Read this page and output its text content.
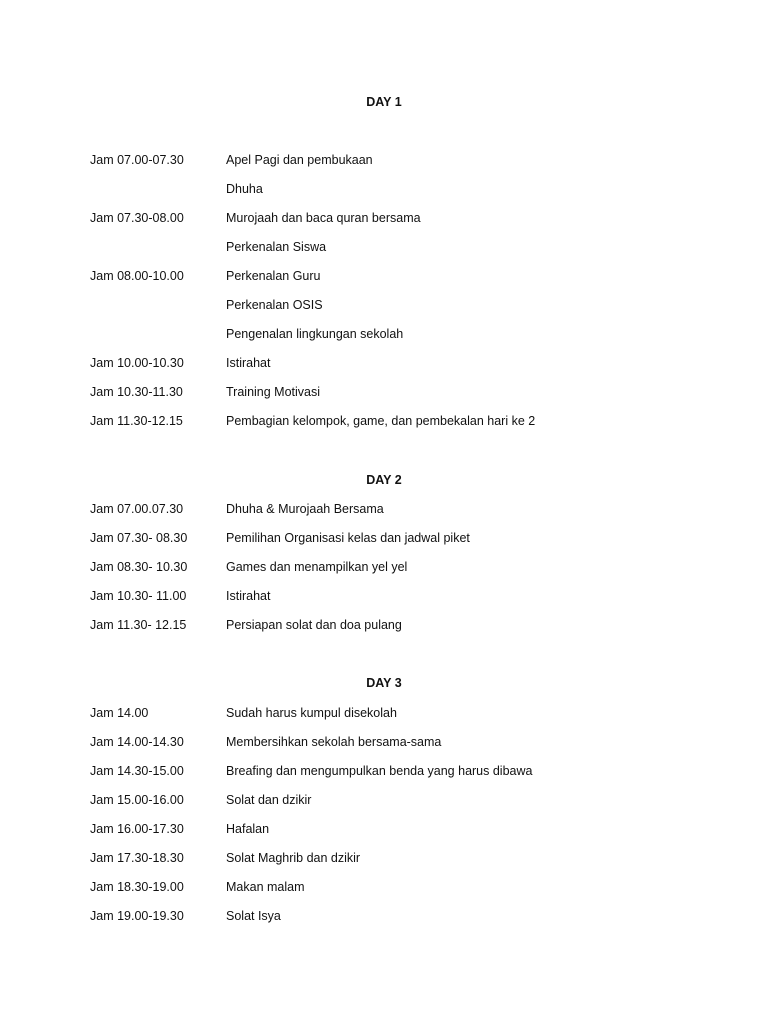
DAY 1
Jam 07.00-07.30	Apel Pagi dan pembukaan
Dhuha
Jam 07.30-08.00	Murojaah dan baca quran bersama
Perkenalan Siswa
Jam 08.00-10.00	Perkenalan Guru
Perkenalan OSIS
Pengenalan lingkungan sekolah
Jam 10.00-10.30	Istirahat
Jam 10.30-11.30	Training Motivasi
Jam 11.30-12.15	Pembagian kelompok, game, dan pembekalan hari ke 2
DAY 2
Jam 07.00.07.30	Dhuha & Murojaah Bersama
Jam 07.30- 08.30	Pemilihan Organisasi kelas dan jadwal piket
Jam 08.30- 10.30	Games dan menampilkan yel yel
Jam 10.30- 11.00	Istirahat
Jam 11.30- 12.15	Persiapan solat dan doa pulang
DAY 3
Jam 14.00	Sudah harus kumpul disekolah
Jam 14.00-14.30	Membersihkan sekolah bersama-sama
Jam 14.30-15.00	Breafing dan mengumpulkan benda yang harus dibawa
Jam 15.00-16.00	Solat dan dzikir
Jam 16.00-17.30	Hafalan
Jam 17.30-18.30	Solat Maghrib dan dzikir
Jam 18.30-19.00	Makan malam
Jam 19.00-19.30	Solat Isya
